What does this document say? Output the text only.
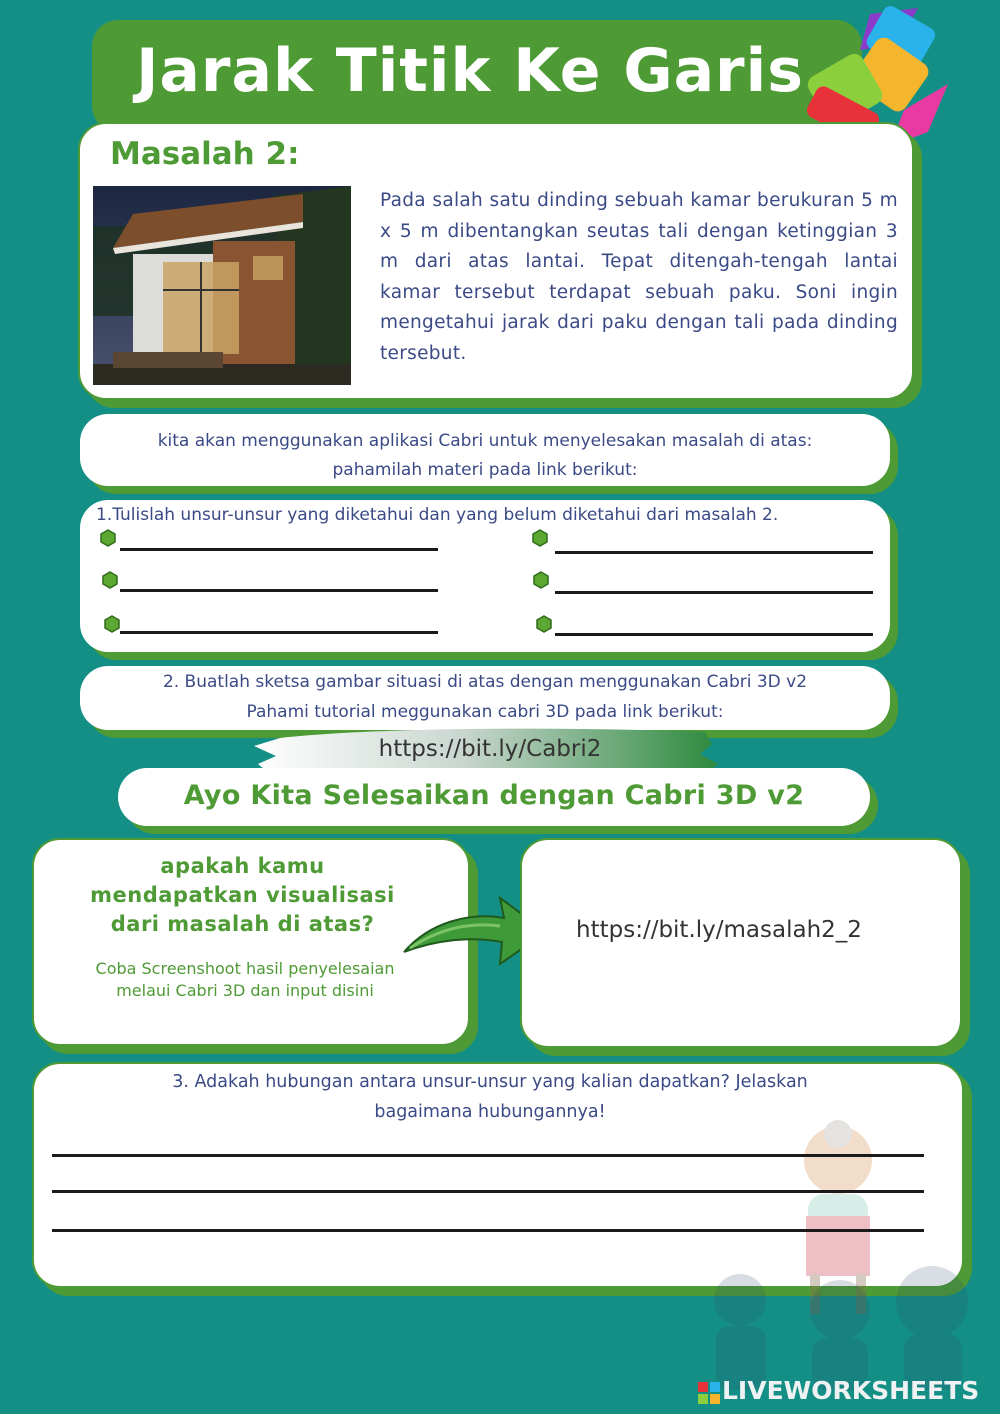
Jarak Titik Ke Garis
Masalah 2:
Pada salah satu dinding sebuah kamar berukuran 5 m x 5 m dibentangkan seutas tali dengan ketinggian 3 m dari atas lantai. Tepat ditengah-tengah lantai kamar tersebut terdapat sebuah paku. Soni ingin mengetahui jarak dari paku dengan tali pada dinding tersebut.
kita akan menggunakan aplikasi Cabri untuk menyelesakan masalah di atas:
pahamilah materi pada link berikut:
1.Tulislah unsur-unsur yang diketahui dan yang belum diketahui dari masalah 2.
2. Buatlah sketsa gambar situasi di atas dengan menggunakan Cabri 3D v2
Pahami tutorial meggunakan cabri 3D pada link berikut:
https://bit.ly/Cabri2
Ayo Kita Selesaikan dengan Cabri 3D v2
apakah kamu
mendapatkan visualisasi
dari masalah di atas?
Coba Screenshoot hasil penyelesaian
melaui Cabri 3D dan input disini
https://bit.ly/masalah2_2
3. Adakah hubungan antara unsur-unsur yang kalian dapatkan? Jelaskan
bagaimana hubungannya!
LIVEWORKSHEETS
